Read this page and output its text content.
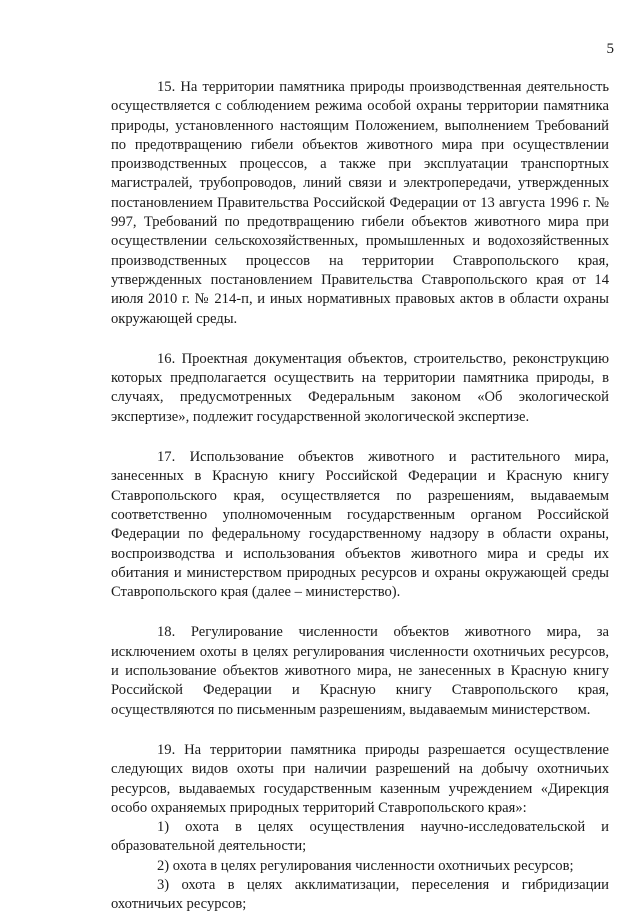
5

15. На территории памятника природы производственная деятельность осуществляется с соблюдением режима особой охраны территории памятника природы, установленного настоящим Положением, выполнением Требований по предотвращению гибели объектов животного мира при осуществлении производственных процессов, а также при эксплуатации транспортных магистралей, трубопроводов, линий связи и электропередачи, утвержденных постановлением Правительства Российской Федерации от 13 августа 1996 г. № 997, Требований по предотвращению гибели объектов животного мира при осуществлении сельскохозяйственных, промышленных и водохозяйственных производственных процессов на территории Ставропольского края, утвержденных постановлением Правительства Ставропольского края от 14 июля 2010 г. № 214-п, и иных нормативных правовых актов в области охраны окружающей среды.

16. Проектная документация объектов, строительство, реконструкцию которых предполагается осуществить на территории памятника природы, в случаях, предусмотренных Федеральным законом «Об экологической экспертизе», подлежит государственной экологической экспертизе.

17. Использование объектов животного и растительного мира, занесенных в Красную книгу Российской Федерации и Красную книгу Ставропольского края, осуществляется по разрешениям, выдаваемым соответственно уполномоченным государственным органом Российской Федерации по федеральному государственному надзору в области охраны, воспроизводства и использования объектов животного мира и среды их обитания и министерством природных ресурсов и охраны окружающей среды Ставропольского края (далее – министерство).

18. Регулирование численности объектов животного мира, за исключением охоты в целях регулирования численности охотничьих ресурсов, и использование объектов животного мира, не занесенных в Красную книгу Российской Федерации и Красную книгу Ставропольского края, осуществляются по письменным разрешениям, выдаваемым министерством.

19. На территории памятника природы разрешается осуществление следующих видов охоты при наличии разрешений на добычу охотничьих ресурсов, выдаваемых государственным казенным учреждением «Дирекция особо охраняемых природных территорий Ставропольского края»:

1) охота в целях осуществления научно-исследовательской и образовательной деятельности;

2) охота в целях регулирования численности охотничьих ресурсов;

3) охота в целях акклиматизации, переселения и гибридизации охотничьих ресурсов;
